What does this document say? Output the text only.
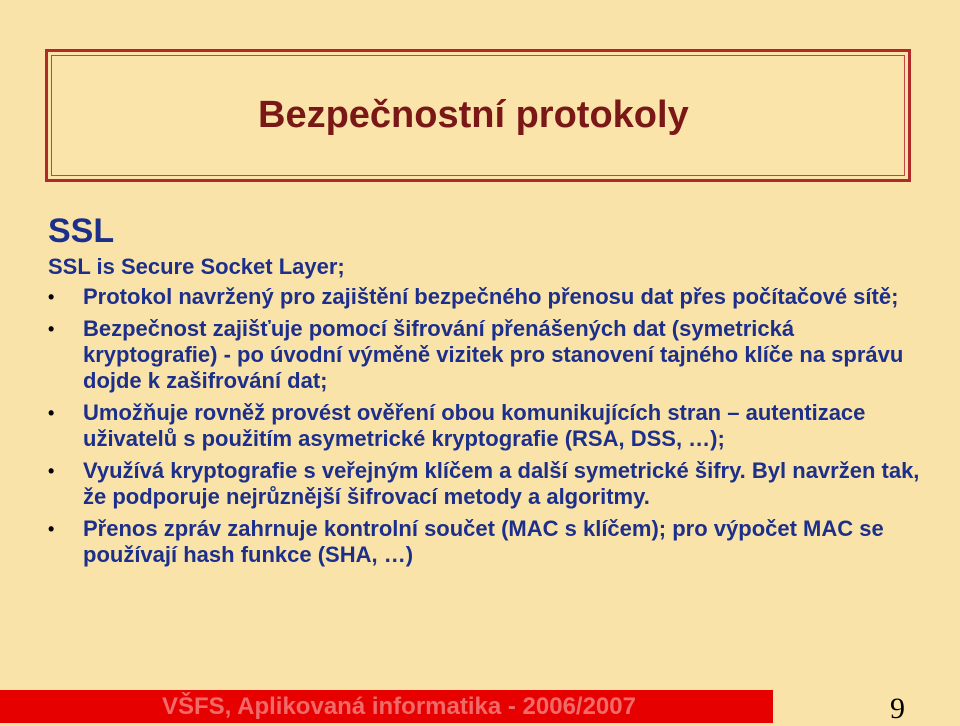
Bezpečnostní protokoly

SSL

SSL is Secure Socket Layer;

• Protokol navržený pro zajištění bezpečného přenosu dat přes počítačové sítě;
• Bezpečnost zajišťuje pomocí šifrování přenášených dat (symetrická kryptografie) - po úvodní výměně vizitek pro stanovení tajného klíče na správu dojde k zašifrování dat;
• Umožňuje rovněž provést ověření obou komunikujících stran – autentizace uživatelů s použitím asymetrické kryptografie (RSA, DSS, …);
• Využívá kryptografie s veřejným klíčem a další symetrické šifry. Byl navržen tak, že podporuje nejrůznější šifrovací metody a algoritmy.
• Přenos zpráv zahrnuje kontrolní součet (MAC s klíčem); pro výpočet MAC se používají hash funkce (SHA, …)
VŠFS, Aplikovaná informatika - 2006/2007	9
